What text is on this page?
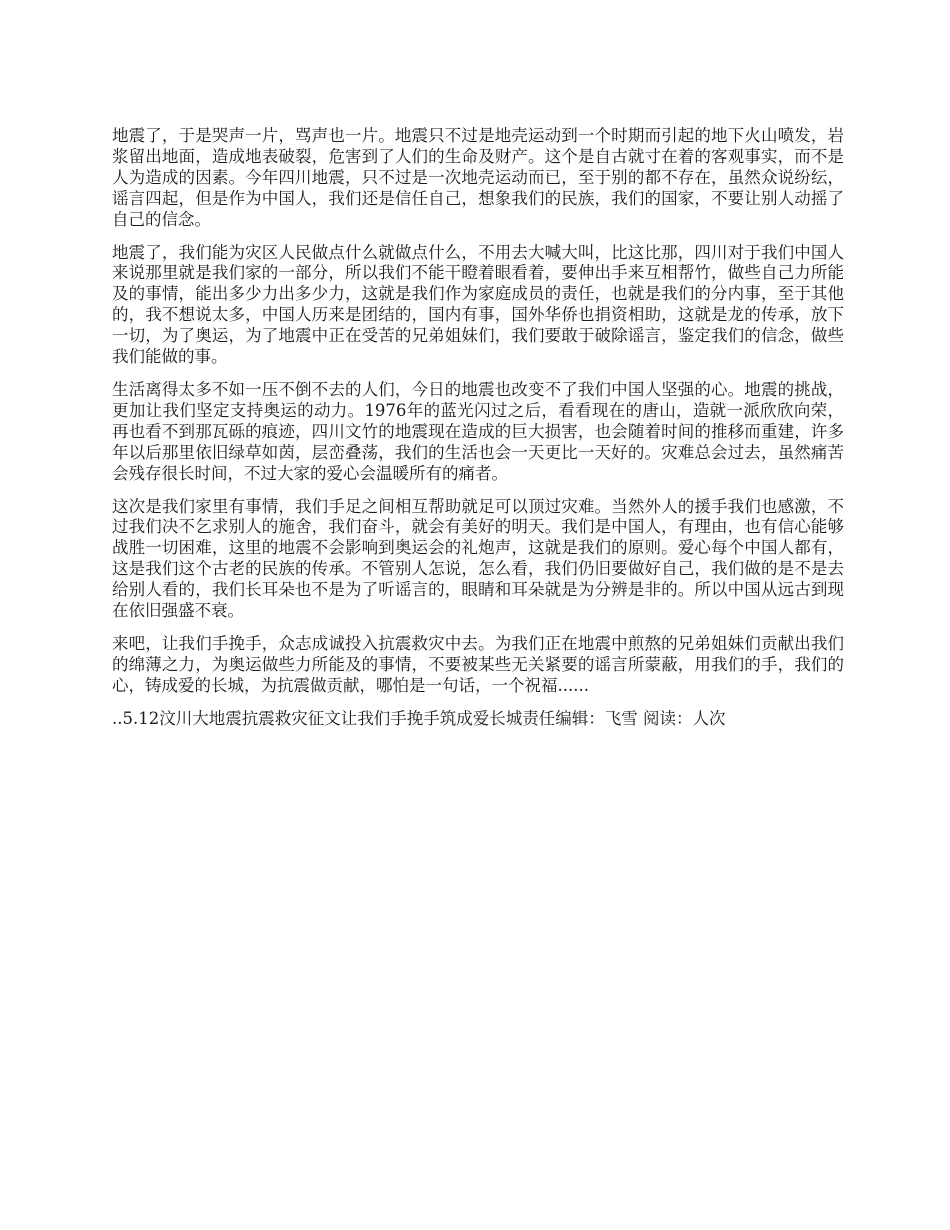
地震了，于是哭声一片，骂声也一片。地震只不过是地壳运动到一个时期而引起的地下火山喷发，岩浆留出地面，造成地表破裂，危害到了人们的生命及财产。这个是自古就寸在着的客观事实，而不是人为造成的因素。今年四川地震，只不过是一次地壳运动而已，至于别的都不存在，虽然众说纷纭，谣言四起，但是作为中国人，我们还是信任自己，想象我们的民族，我们的国家，不要让别人动摇了自己的信念。

地震了，我们能为灾区人民做点什么就做点什么，不用去大喊大叫，比这比那，四川对于我们中国人来说那里就是我们家的一部分，所以我们不能干瞪着眼看着，要伸出手来互相帮竹，做些自己力所能及的事情，能出多少力出多少力，这就是我们作为家庭成员的责任，也就是我们的分内事，至于其他的，我不想说太多，中国人历来是团结的，国内有事，国外华侨也捐资相助，这就是龙的传承，放下一切，为了奥运，为了地震中正在受苦的兄弟姐妹们，我们要敢于破除谣言，鉴定我们的信念，做些我们能做的事。

生活离得太多不如一压不倒不去的人们，今日的地震也改变不了我们中国人坚强的心。地震的挑战，更加让我们坚定支持奥运的动力。1976年的蓝光闪过之后，看看现在的唐山，造就一派欣欣向荣，再也看不到那瓦砾的痕迹，四川文竹的地震现在造成的巨大损害，也会随着时间的推移而重建，许多年以后那里依旧绿草如茵，层峦叠荡，我们的生活也会一天更比一天好的。灾难总会过去，虽然痛苦会残存很长时间，不过大家的爱心会温暖所有的痛者。

这次是我们家里有事情，我们手足之间相互帮助就足可以顶过灾难。当然外人的援手我们也感激，不过我们决不乞求别人的施舍，我们奋斗，就会有美好的明天。我们是中国人，有理由，也有信心能够战胜一切困难，这里的地震不会影响到奥运会的礼炮声，这就是我们的原则。爱心每个中国人都有，这是我们这个古老的民族的传承。不管别人怎说，怎么看，我们仍旧要做好自己，我们做的是不是去给别人看的，我们长耳朵也不是为了听谣言的，眼睛和耳朵就是为分辨是非的。所以中国从远古到现在依旧强盛不衰。

来吧，让我们手挽手，众志成诚投入抗震救灾中去。为我们正在地震中煎熬的兄弟姐妹们贡献出我们的绵薄之力，为奥运做些力所能及的事情，不要被某些无关紧要的谣言所蒙蔽，用我们的手，我们的心，铸成爱的长城，为抗震做贡献，哪怕是一句话，一个祝福......

..5.12汶川大地震抗震救灾征文让我们手挽手筑成爱长城责任编辑：飞雪 阅读：人次
